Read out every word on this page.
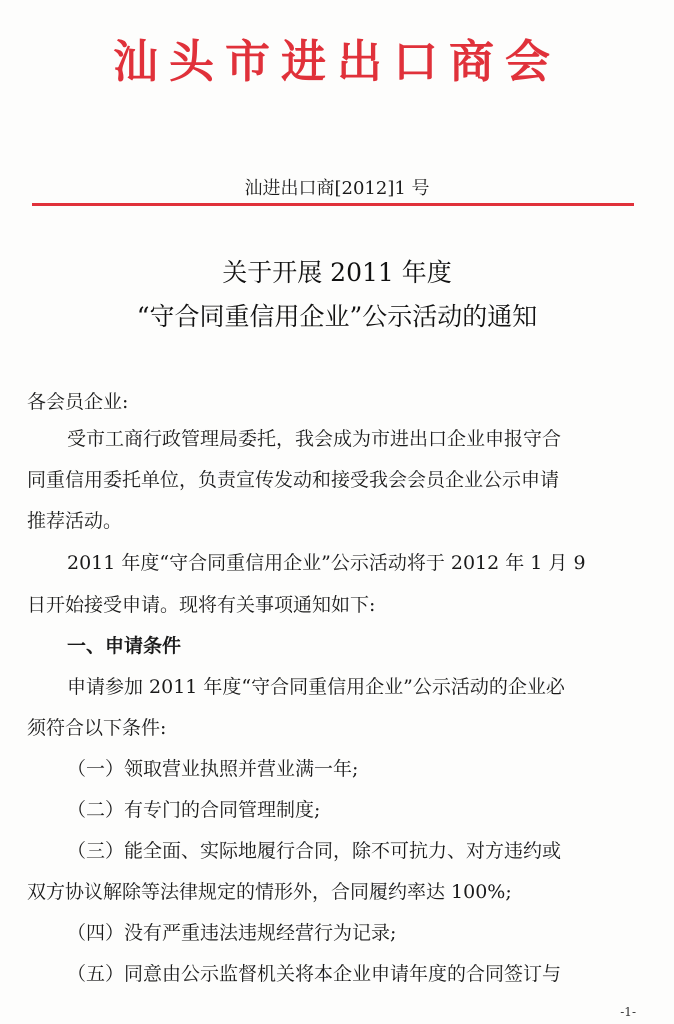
汕头市进出口商会
汕进出口商[2012]1 号
关于开展 2011 年度
“守合同重信用企业”公示活动的通知
各会员企业:
受市工商行政管理局委托，我会成为市进出口企业申报守合
同重信用委托单位，负责宣传发动和接受我会会员企业公示申请
推荐活动。
2011 年度“守合同重信用企业”公示活动将于 2012 年 1 月 9
日开始接受申请。现将有关事项通知如下:
一、申请条件
申请参加 2011 年度“守合同重信用企业”公示活动的企业必
须符合以下条件:
（一）领取营业执照并营业满一年;
（二）有专门的合同管理制度;
（三）能全面、实际地履行合同，除不可抗力、对方违约或
双方协议解除等法律规定的情形外，合同履约率达 100%;
（四）没有严重违法违规经营行为记录;
（五）同意由公示监督机关将本企业申请年度的合同签订与
-1-
